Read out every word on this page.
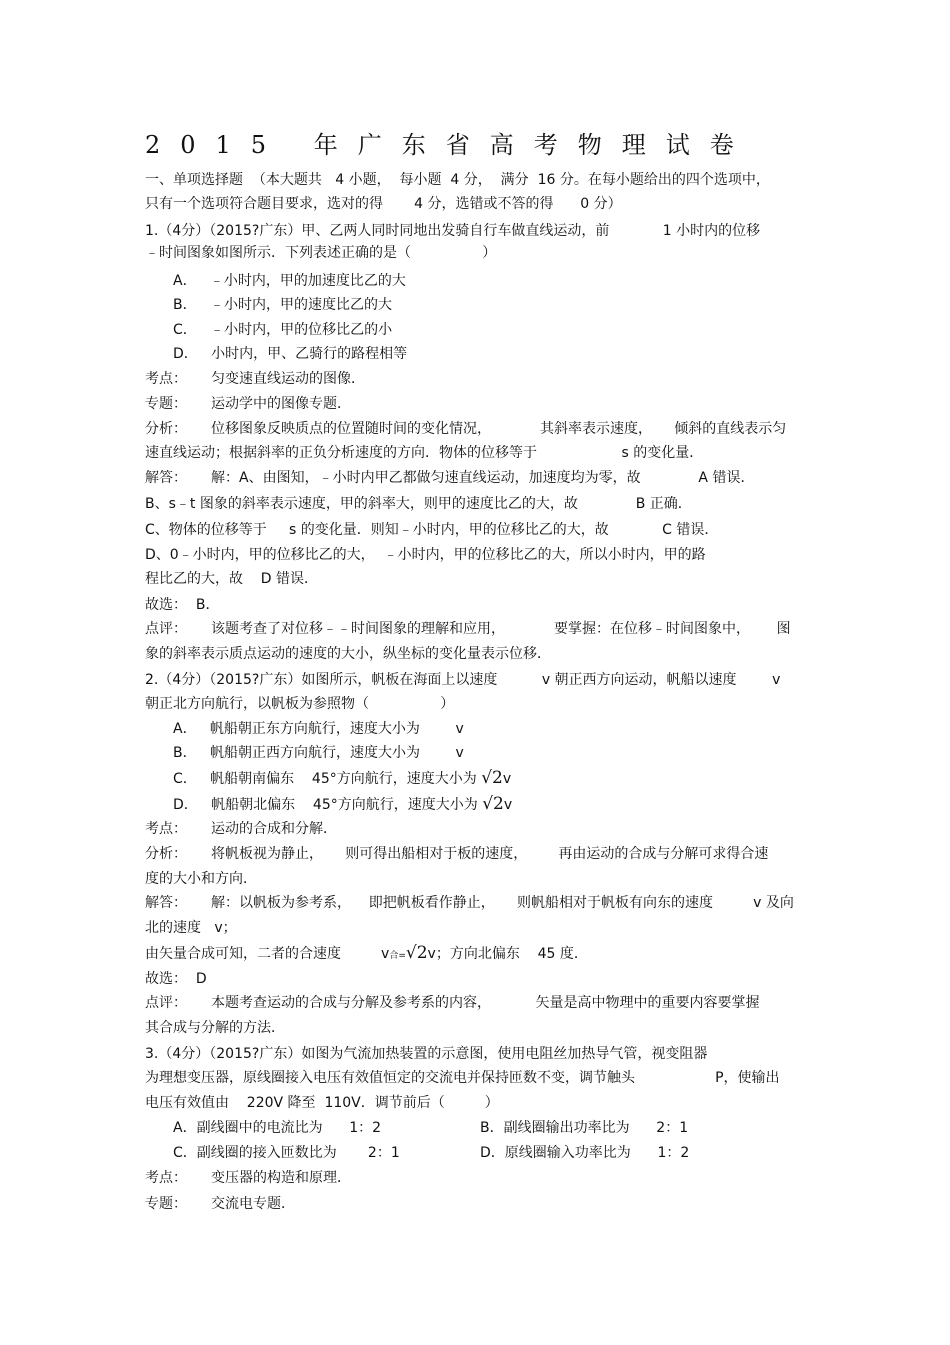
2015 年广东省高考物理试卷
一、单项选择题  （本大题共   4 小题，  每小题  4 分，  满分  16 分。在每小题给出的四个选项中，
只有一个选项符合题目要求，选对的得       4 分，选错或不答的得      0 分）
1.（4分）（2015?广东）甲、乙两人同时同地出发骑自行车做直线运动，前            1 小时内的位移
﹣时间图象如图所示．下列表述正确的是（                ）
A．   ﹣小时内，甲的加速度比乙的大
B．   ﹣小时内，甲的速度比乙的大
C．   ﹣小时内，甲的位移比乙的小
D．   小时内，甲、乙骑行的路程相等
考点： 匀变速直线运动的图像．
专题： 运动学中的图像专题．
分析： 位移图象反映质点的位置随时间的变化情况，           其斜率表示速度，     倾斜的直线表示匀
速直线运动；根据斜率的正负分析速度的方向．物体的位移等于                   s 的变化量．
解答： 解：A、由图知，﹣小时内甲乙都做匀速直线运动，加速度均为零，故             A 错误．
B、s﹣t 图象的斜率表示速度，甲的斜率大，则甲的速度比乙的大，故             B 正确．
C、物体的位移等于     s 的变化量．则知﹣小时内，甲的位移比乙的大，故            C 错误．
D、0﹣小时内，甲的位移比乙的大，  ﹣小时内，甲的位移比乙的大，所以小时内，甲的路
程比乙的大，故    D 错误．
故选：  B．
点评： 该题考查了对位移﹣﹣时间图象的理解和应用，           要掌握：在位移﹣时间图象中，      图
象的斜率表示质点运动的速度的大小，纵坐标的变化量表示位移．
2.（4分）（2015?广东）如图所示，帆板在海面上以速度          v 朝正西方向运动，帆船以速度        v
朝正北方向航行，以帆板为参照物（                ）
A．   帆船朝正东方向航行，速度大小为        v
B．   帆船朝正西方向航行，速度大小为        v
C．   帆船朝南偏东    45°方向航行，速度大小为 √2v
D．   帆船朝北偏东    45°方向航行，速度大小为 √2v
考点： 运动的合成和分解．
分析： 将帆板视为静止，     则可得出船相对于板的速度，       再由运动的合成与分解可求得合速
度的大小和方向．
解答： 解：以帆板为参考系，    即把帆板看作静止，     则帆船相对于帆板有向东的速度         v 及向
北的速度   v；
由矢量合成可知，二者的合速度         v合=√2v；方向北偏东    45 度．
故选：  D
点评： 本题考查运动的合成与分解及参考系的内容，          矢量是高中物理中的重要内容要掌握
其合成与分解的方法．
3.（4分）（2015?广东）如图为气流加热装置的示意图，使用电阻丝加热导气管，视变阻器
为理想变压器，原线圈接入电压有效值恒定的交流电并保持匝数不变，调节触头                  P，使输出
电压有效值由    220V 降至  110V．调节前后（         ）
A．副线圈中的电流比为      1：2	B．副线圈输出功率比为      2：1
C．副线圈的接入匝数比为       2：1	D．原线圈输入功率比为      1：2
考点： 变压器的构造和原理．
专题： 交流电专题．
